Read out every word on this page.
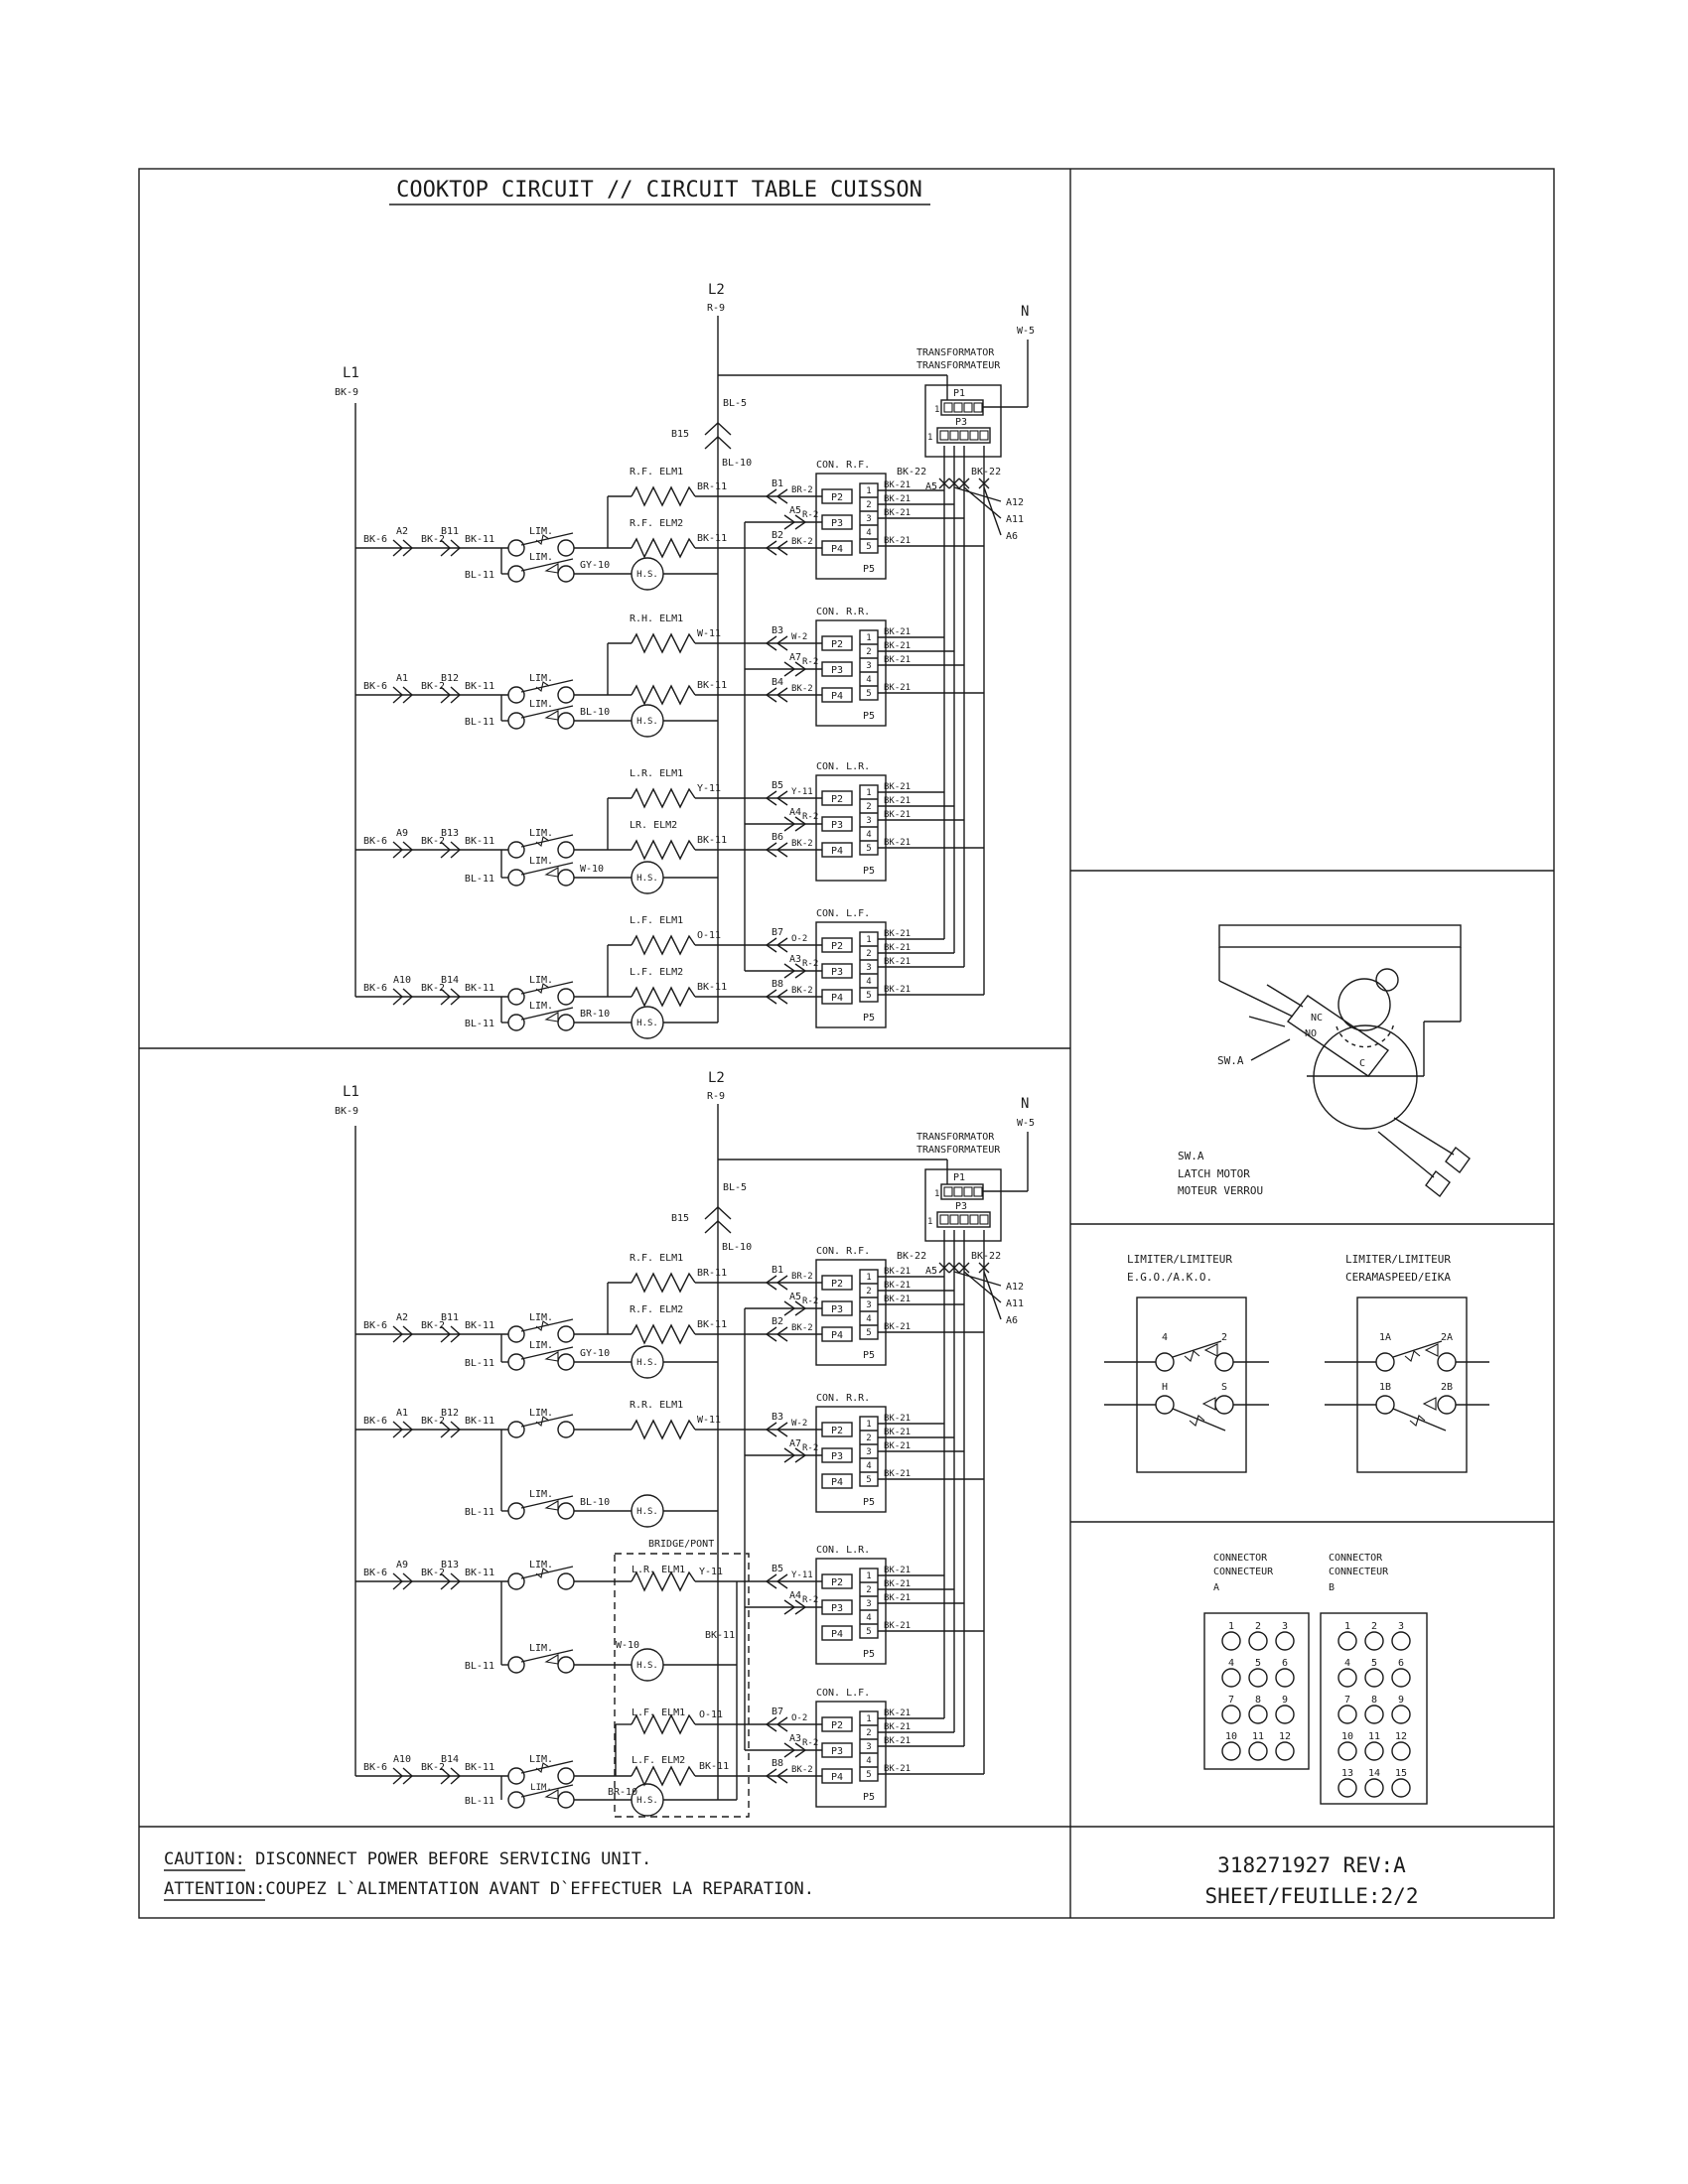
COOKTOP CIRCUIT // CIRCUIT TABLE CUISSON
CAUTION: DISCONNECT POWER BEFORE SERVICING UNIT.
ATTENTION:COUPEZ L`ALIMENTATION AVANT D`EFFECTUER LA REPARATION.
318271927 REV:A
SHEET/FEUILLE:2/2
L1
BK-9
L2
R-9	N
W-5
TRANSFORMATOR
TRANSFORMATEUR
P1
1
P3
1
BK-22	BK-22
A5
A12
A11
A6
BL-5
B15
BL-10
BK-6
A2
BK-2
B11
BK-11
LIM.
BL-11
LIM.
GY-10
H.S.
R.F. ELM1
BR-11
R.F. ELM2
BK-11
BK-6
A1
BK-2
B12
BK-11
LIM.
BL-11
LIM.
BL-10
H.S.
R.H. ELM1
W-11
BK-11
BK-6
A9
BK-2
B13
BK-11
LIM.
BL-11
LIM.
W-10
H.S.
L.R. ELM1
Y-11
LR. ELM2
BK-11
BK-6
A10
BK-2
B14
BK-11
LIM.
BL-11
LIM.
BR-10
H.S.
L.F. ELM1
O-11
L.F. ELM2
BK-11
L1
BK-9
L2
R-9	N
W-5
TRANSFORMATOR
TRANSFORMATEUR
P1
1
P3
1
BK-22	BK-22
A5
A12
A11
A6
BL-5
B15
BL-10
BRIDGE/PONT
BK-6
A2
BK-2
B11
BK-11
LIM.
BL-11
LIM.
GY-10
H.S.
R.F. ELM1
BR-11
R.F. ELM2
BK-11
BK-6
A1
BK-2
B12
BK-11
LIM.
BL-11
LIM.
BL-10
H.S.
R.R. ELM1
W-11
BK-6
A9
BK-2
B13
BK-11
LIM.
BL-11
LIM.	W-10
H.S.
L.R. ELM1 Y-11
BK-11
BK-6
A10
BK-2
B14
BK-11
LIM.
BL-11
LIM.	BR-10
H.S.
L.F. ELM1 O-11
L.F. ELM2
BK-11
NC
NO
C
SW.A
SW.A
LATCH MOTOR
MOTEUR VERROU
LIMITER/LIMITEUR
E.G.O./A.K.O.
LIMITER/LIMITEUR
CERAMASPEED/EIKA
4	2
H	S
1A	2A
1B	2B
CONNECTOR
CONNECTEUR
A
CONNECTOR
CONNECTEUR
B
1 2 3
4 5 6
7 8 9
10 11 12
1 2 3
4 5 6
7 8 9
10 11 12
13 14 15
CON. R.F.
P2
P3
P4
1
2
3
4
5
P5
BK-21
BK-21
BK-21
BK-21
B1
BR-2
A5 R-2
B2
BK-2
CON. R.R.
P2
P3
P4
1
2
3
4
5
P5
BK-21
BK-21
BK-21
BK-21
B3
W-2
A7 R-2
B4
BK-2
CON. L.R.
P2
P3
P4
1
2
3
4
5
P5
BK-21
BK-21
BK-21
BK-21
B5
Y-11
A4 R-2
B6
BK-2
CON. L.F.
P2
P3
P4
1
2
3
4
5
P5
BK-21
BK-21
BK-21
BK-21
B7
O-2
A3 R-2
B8
BK-2
CON. R.F.
P2
P3
P4
1
2
3
4
5
P5
BK-21
BK-21
BK-21
BK-21
B1
BR-2
A5 R-2
B2
BK-2
CON. R.R.
P2
P3
P4
1
2
3
4
5
P5
BK-21
BK-21
BK-21
BK-21
B3
W-2
A7 R-2
CON. L.R.
P2
P3
P4
1
2
3
4
5
P5
BK-21
BK-21
BK-21
BK-21
B5
Y-11
A4 R-2
CON. L.F.
P2
P3
P4
1
2
3
4
5
P5
BK-21
BK-21
BK-21
BK-21
B7
O-2
A3 R-2
B8
BK-2
